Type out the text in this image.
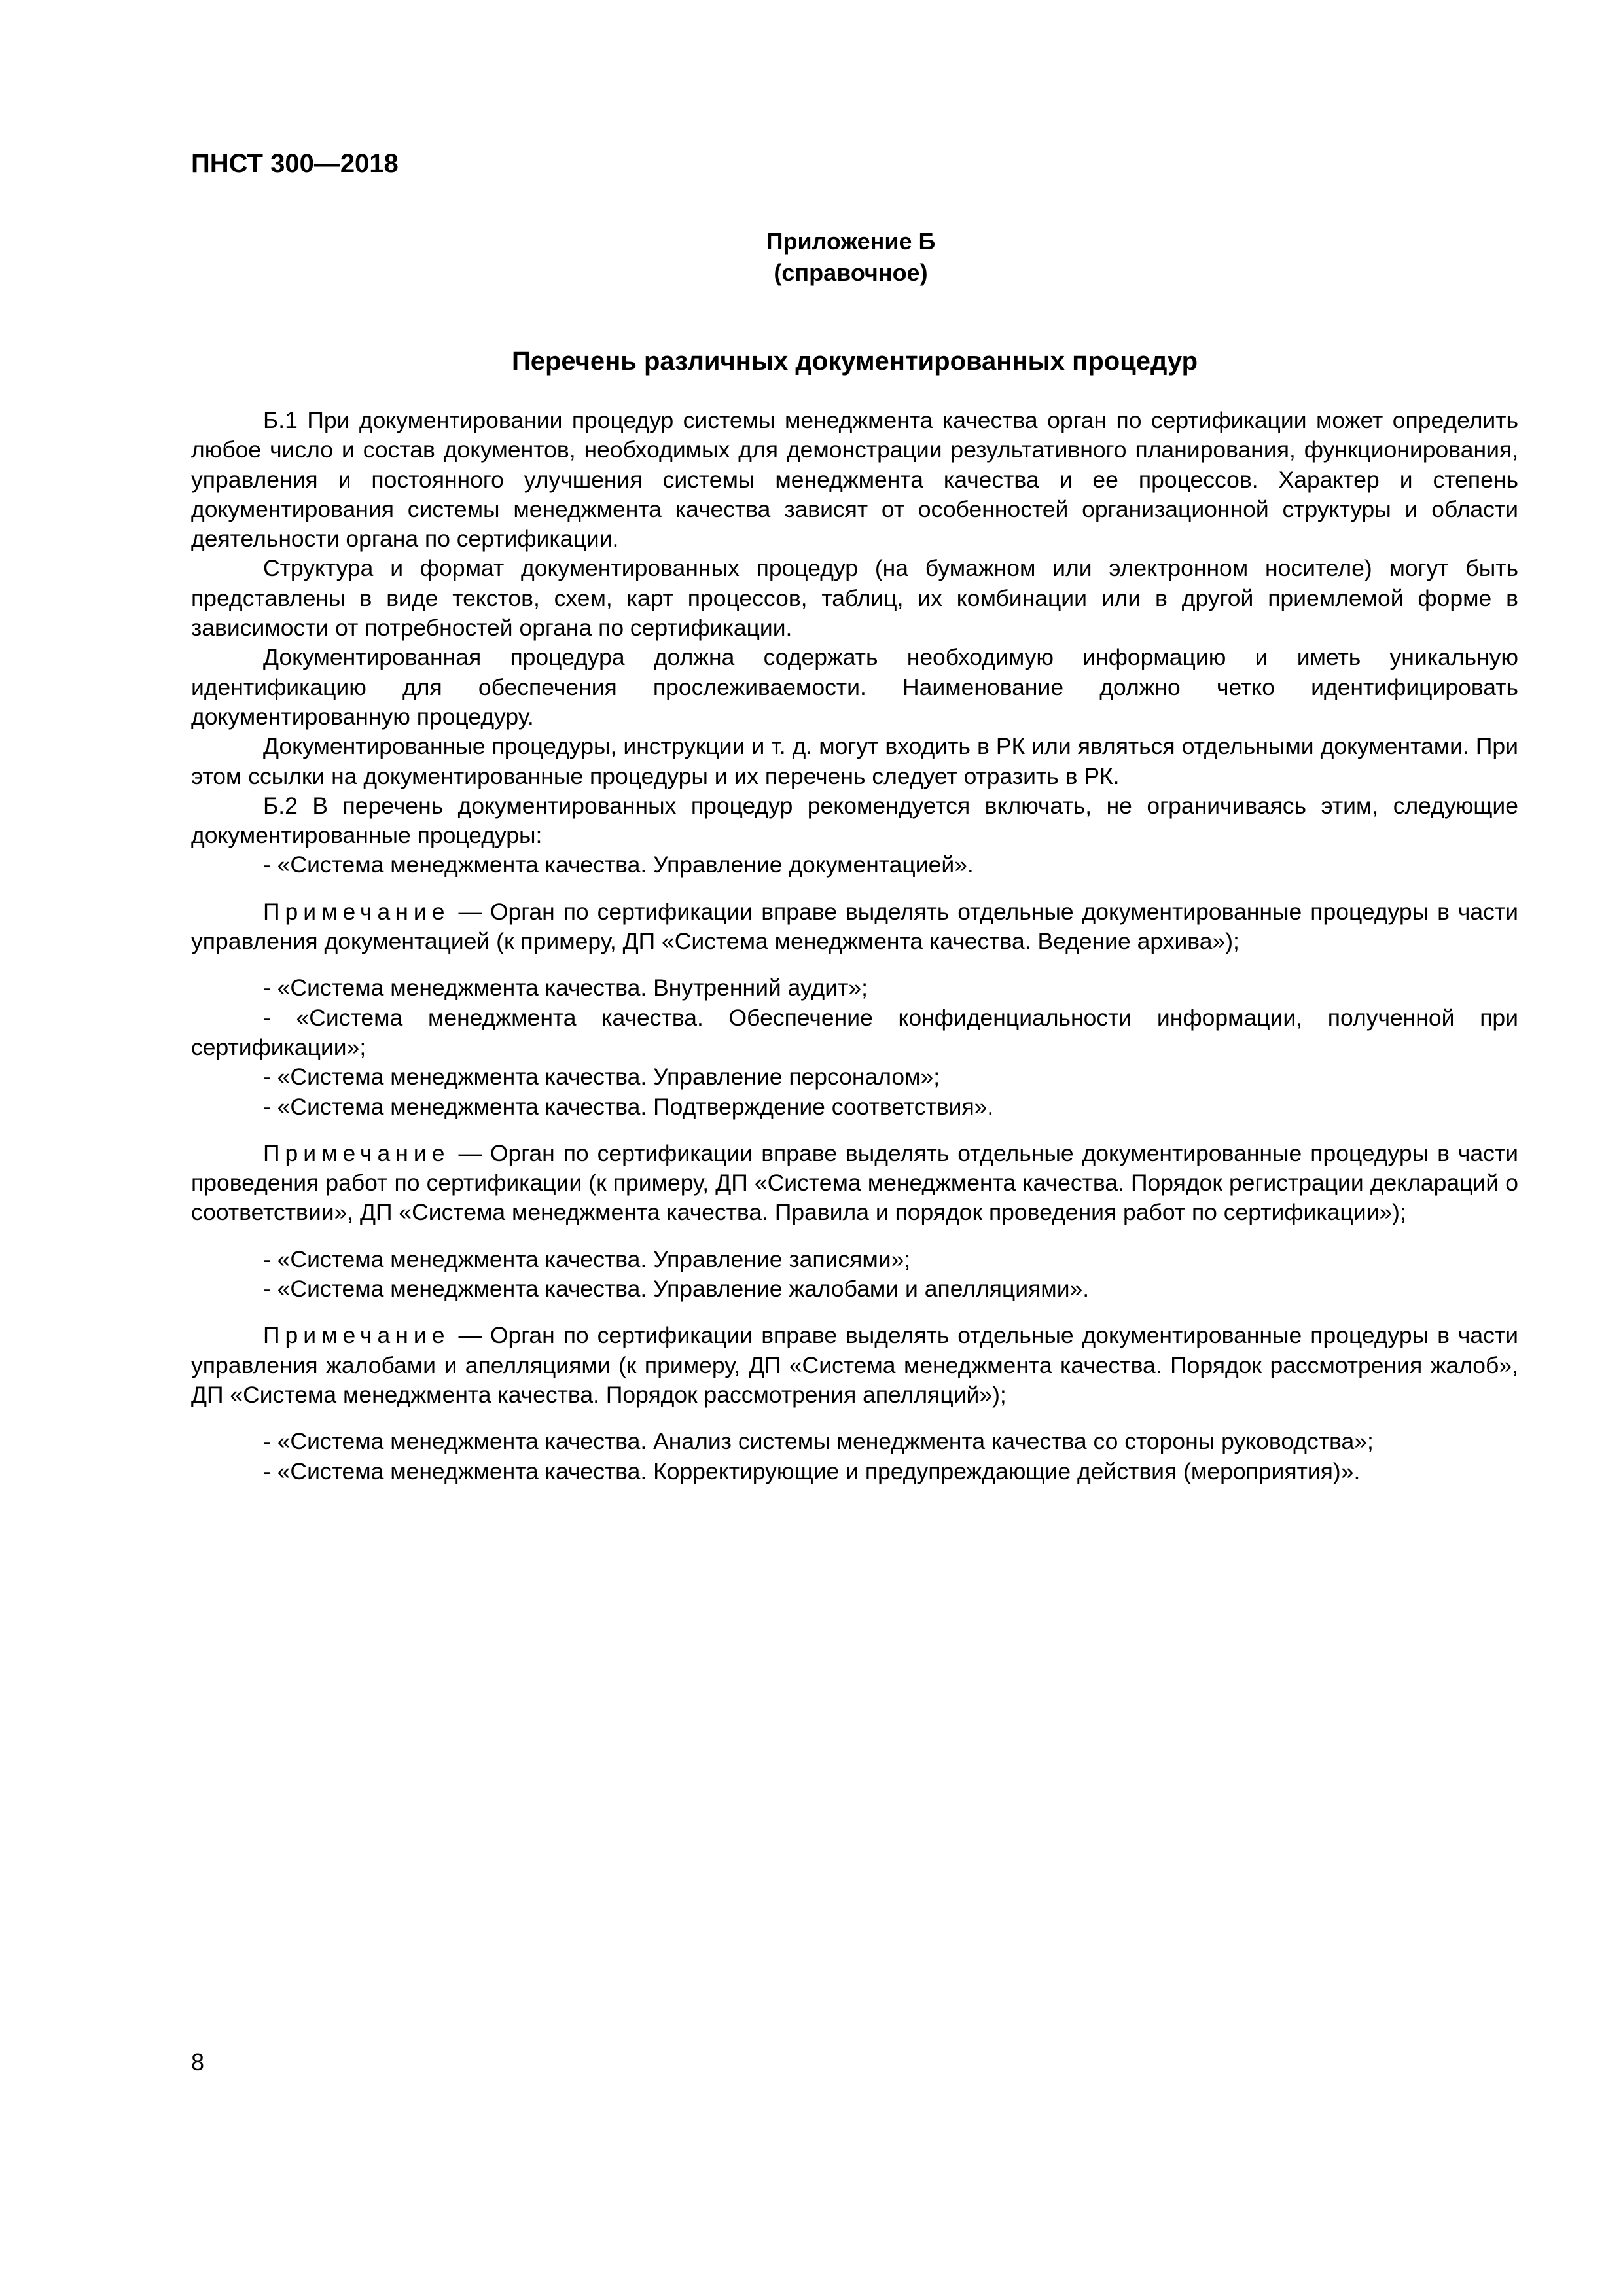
ПНСТ 300—2018
Приложение Б
(справочное)
Перечень различных документированных процедур

Б.1 При документировании процедур системы менеджмента качества орган по сертификации может определить любое число и состав документов, необходимых для демонстрации результативного планирования, функционирования, управления и постоянного улучшения системы менеджмента качества и ее процессов. Характер и степень документирования системы менеджмента качества зависят от особенностей организационной структуры и области деятельности органа по сертификации.

Структура и формат документированных процедур (на бумажном или электронном носителе) могут быть представлены в виде текстов, схем, карт процессов, таблиц, их комбинации или в другой приемлемой форме в зависимости от потребностей органа по сертификации.

Документированная процедура должна содержать необходимую информацию и иметь уникальную идентификацию для обеспечения прослеживаемости. Наименование должно четко идентифицировать документированную процедуру.

Документированные процедуры, инструкции и т. д. могут входить в РК или являться отдельными документами. При этом ссылки на документированные процедуры и их перечень следует отразить в РК.

Б.2 В перечень документированных процедур рекомендуется включать, не ограничиваясь этим, следующие документированные процедуры:

- «Система менеджмента качества. Управление документацией».

Примечание — Орган по сертификации вправе выделять отдельные документированные процедуры в части управления документацией (к примеру, ДП «Система менеджмента качества. Ведение архива»);

- «Система менеджмента качества. Внутренний аудит»;

- «Система менеджмента качества. Обеспечение конфиденциальности информации, полученной при сертификации»;

- «Система менеджмента качества. Управление персоналом»;

- «Система менеджмента качества. Подтверждение соответствия».

Примечание — Орган по сертификации вправе выделять отдельные документированные процедуры в части проведения работ по сертификации (к примеру, ДП «Система менеджмента качества. Порядок регистрации деклараций о соответствии», ДП «Система менеджмента качества. Правила и порядок проведения работ по сертификации»);

- «Система менеджмента качества. Управление записями»;

- «Система менеджмента качества. Управление жалобами и апелляциями».

Примечание — Орган по сертификации вправе выделять отдельные документированные процедуры в части управления жалобами и апелляциями (к примеру, ДП «Система менеджмента качества. Порядок рассмотрения жалоб», ДП «Система менеджмента качества. Порядок рассмотрения апелляций»);

- «Система менеджмента качества. Анализ системы менеджмента качества со стороны руководства»;

- «Система менеджмента качества. Корректирующие и предупреждающие действия (мероприятия)».

8
